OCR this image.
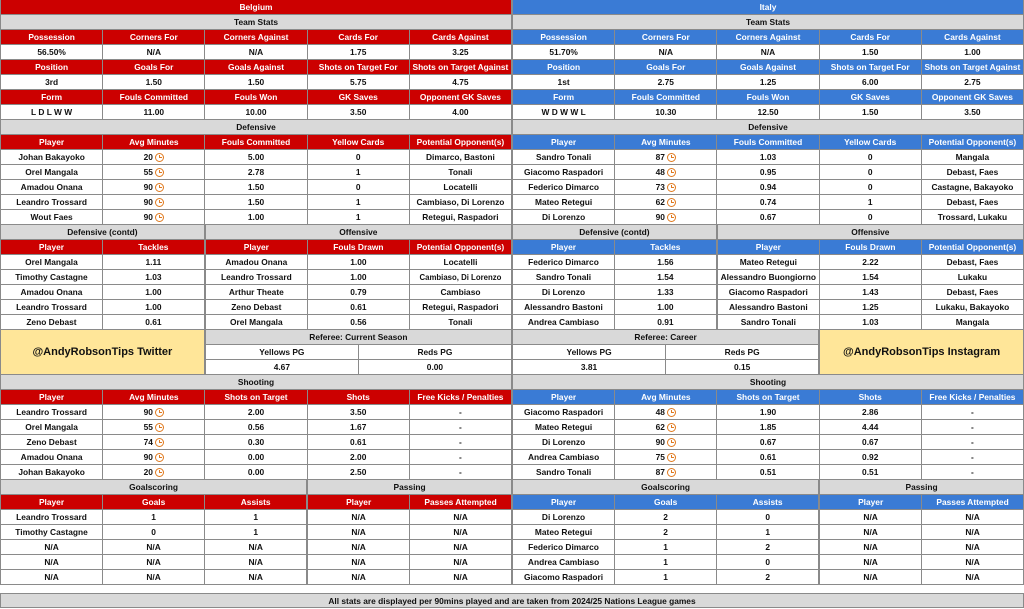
Belgium
Team Stats
Possession	Corners For	Corners Against	Cards For	Cards Against
56.50%	N/A	N/A	1.75	3.25
Position	Goals For	Goals Against	Shots on Target For	Shots on Target Against
3rd	1.50	1.50	5.75	4.75
Form	Fouls Committed	Fouls Won	GK Saves	Opponent GK Saves
L D L W W	11.00	10.00	3.50	4.00
Defensive
Player	Avg Minutes	Fouls Committed	Yellow Cards	Potential Opponent(s)
Johan Bakayoko	20	5.00	0	Dimarco, Bastoni
Orel Mangala	55	2.78	1	Tonali
Amadou Onana	90	1.50	0	Locatelli
Leandro Trossard	90	1.50	1	Cambiaso, Di Lorenzo
Wout Faes	90	1.00	1	Retegui, Raspadori
Defensive (contd)
Player	Tackles
Orel Mangala	1.11
Timothy Castagne	1.03
Amadou Onana	1.00
Leandro Trossard	1.00
Zeno Debast	0.61
Offensive
Player	Fouls Drawn	Potential Opponent(s)
Amadou Onana	1.00	Locatelli
Leandro Trossard	1.00	Cambiaso, Di Lorenzo
Arthur Theate	0.79	Cambiaso
Zeno Debast	0.61	Retegui, Raspadori
Orel Mangala	0.56	Tonali
@AndyRobsonTips Twitter
Referee: Current Season
Yellows PG	Reds PG
4.67	0.00
Shooting
Player	Avg Minutes	Shots on Target	Shots	Free Kicks / Penalties
Leandro Trossard	90	2.00	3.50	-
Orel Mangala	55	0.56	1.67	-
Zeno Debast	74	0.30	0.61	-
Amadou Onana	90	0.00	2.00	-
Johan Bakayoko	20	0.00	2.50	-
Goalscoring
Player	Goals	Assists
Leandro Trossard	1	1
Timothy Castagne	0	1
N/A	N/A	N/A
N/A	N/A	N/A
N/A	N/A	N/A
Passing
Player	Passes Attempted
N/A	N/A
N/A	N/A
N/A	N/A
N/A	N/A
N/A	N/A
Italy
Team Stats
Possession	Corners For	Corners Against	Cards For	Cards Against
51.70%	N/A	N/A	1.50	1.00
Position	Goals For	Goals Against	Shots on Target For	Shots on Target Against
1st	2.75	1.25	6.00	2.75
Form	Fouls Committed	Fouls Won	GK Saves	Opponent GK Saves
W D W W L	10.30	12.50	1.50	3.50
Defensive
Player	Avg Minutes	Fouls Committed	Yellow Cards	Potential Opponent(s)
Sandro Tonali	87	1.03	0	Mangala
Giacomo Raspadori	48	0.95	0	Debast, Faes
Federico Dimarco	73	0.94	0	Castagne, Bakayoko
Mateo Retegui	62	0.74	1	Debast, Faes
Di Lorenzo	90	0.67	0	Trossard, Lukaku
Defensive (contd)
Player	Tackles
Federico Dimarco	1.56
Sandro Tonali	1.54
Di Lorenzo	1.33
Alessandro Bastoni	1.00
Andrea Cambiaso	0.91
Offensive
Player	Fouls Drawn	Potential Opponent(s)
Mateo Retegui	2.22	Debast, Faes
Alessandro Buongiorno	1.54	Lukaku
Giacomo Raspadori	1.43	Debast, Faes
Alessandro Bastoni	1.25	Lukaku, Bakayoko
Sandro Tonali	1.03	Mangala
Referee: Career
Yellows PG	Reds PG
3.81	0.15
@AndyRobsonTips Instagram
Shooting
Player	Avg Minutes	Shots on Target	Shots	Free Kicks / Penalties
Giacomo Raspadori	48	1.90	2.86	-
Mateo Retegui	62	1.85	4.44	-
Di Lorenzo	90	0.67	0.67	-
Andrea Cambiaso	75	0.61	0.92	-
Sandro Tonali	87	0.51	0.51	-
Goalscoring
Player	Goals	Assists
Di Lorenzo	2	0
Mateo Retegui	2	1
Federico Dimarco	1	2
Andrea Cambiaso	1	0
Giacomo Raspadori	1	2
Passing
Player	Passes Attempted
N/A	N/A
N/A	N/A
N/A	N/A
N/A	N/A
N/A	N/A
All stats are displayed per 90mins played and are taken from 2024/25 Nations League games
